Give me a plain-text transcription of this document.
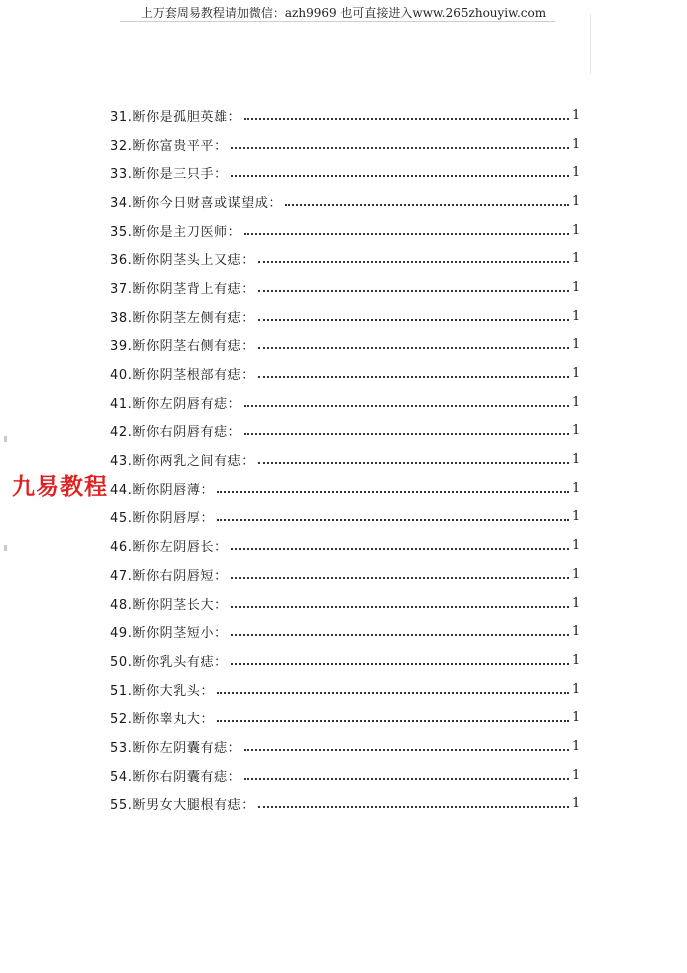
上万套周易教程请加微信：azh9969 也可直接进入www.265zhouyiw.com
31.断你是孤胆英雄：	1
32.断你富贵平平：	1
33.断你是三只手：	1
34.断你今日财喜或谋望成：	1
35.断你是主刀医师：	1
36.断你阴茎头上又痣：	1
37.断你阴茎背上有痣：	1
38.断你阴茎左侧有痣：	1
39.断你阴茎右侧有痣：	1
40.断你阴茎根部有痣：	1
41.断你左阴唇有痣：	1
42.断你右阴唇有痣：	1
43.断你两乳之间有痣：	1
44.断你阴唇薄：	1
45.断你阴唇厚：	1
46.断你左阴唇长：	1
47.断你右阴唇短：	1
48.断你阴茎长大：	1
49.断你阴茎短小：	1
50.断你乳头有痣：	1
51.断你大乳头：	1
52.断你睾丸大：	1
53.断你左阴囊有痣：	1
54.断你右阴囊有痣：	1
55.断男女大腿根有痣：	1
九易教程
